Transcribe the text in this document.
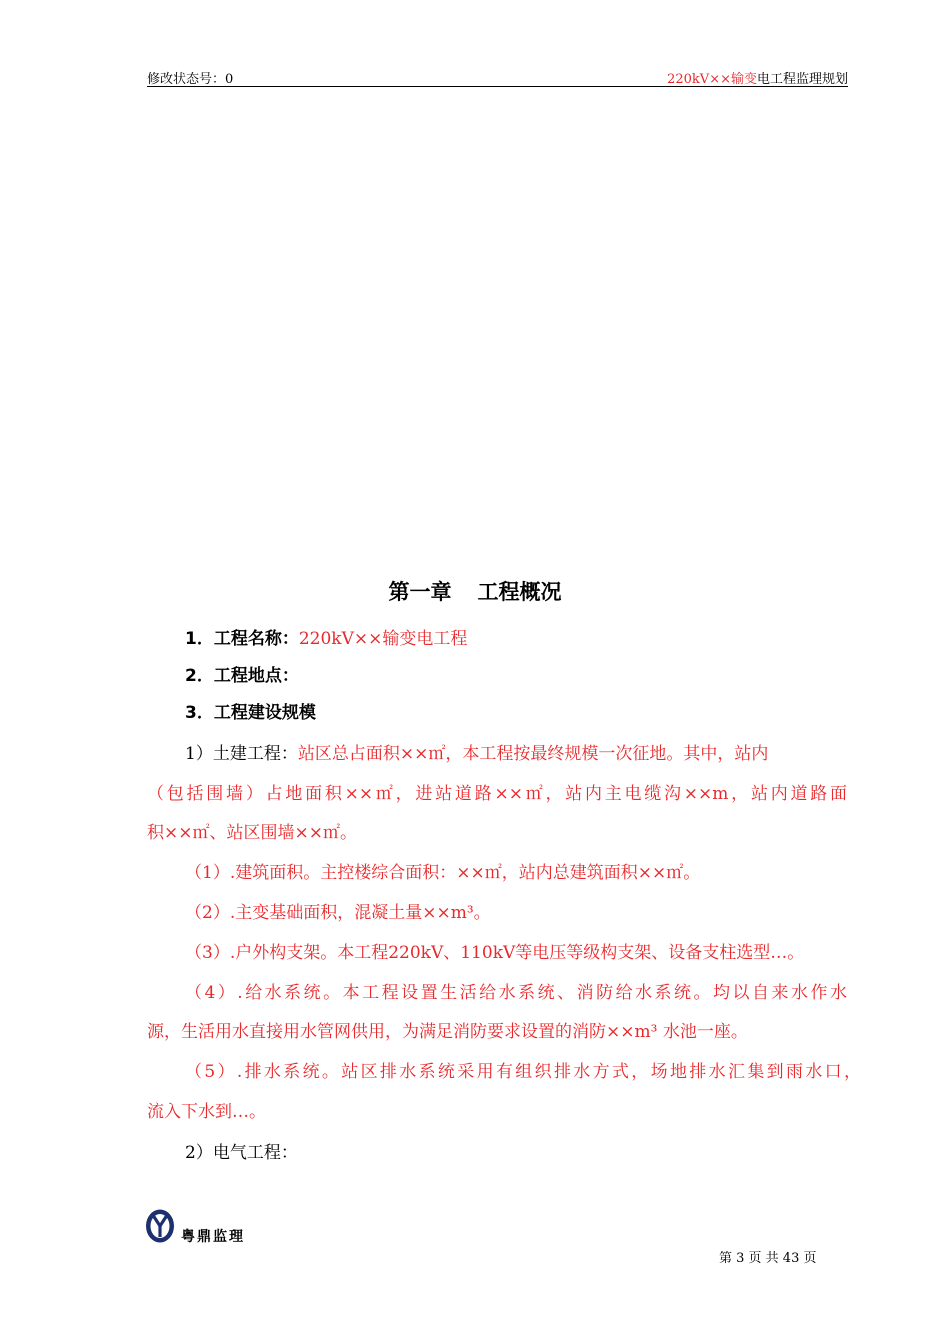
修改状态号：0	220kV××输变电工程监理规划
第一章 工程概况
1．工程名称：220kV××输变电工程
2．工程地点：
3．工程建设规模
1）土建工程：站区总占面积××㎡，本工程按最终规模一次征地。其中，站内
（包括围墙）占地面积××㎡，进站道路××㎡，站内主电缆沟××m，站内道路面
积××㎡、站区围墙××㎡。
（1）.建筑面积。主控楼综合面积：××㎡，站内总建筑面积××㎡。
（2）.主变基础面积，混凝土量××m³。
（3）.户外构支架。本工程220kV、110kV等电压等级构支架、设备支柱选型…。
（4）.给水系统。本工程设置生活给水系统、消防给水系统。均以自来水作水
源，生活用水直接用水管网供用，为满足消防要求设置的消防××m³ 水池一座。
（5）.排水系统。站区排水系统采用有组织排水方式，场地排水汇集到雨水口，
流入下水到…。
2）电气工程：
粤鼎监理
第 3 页 共 43 页
